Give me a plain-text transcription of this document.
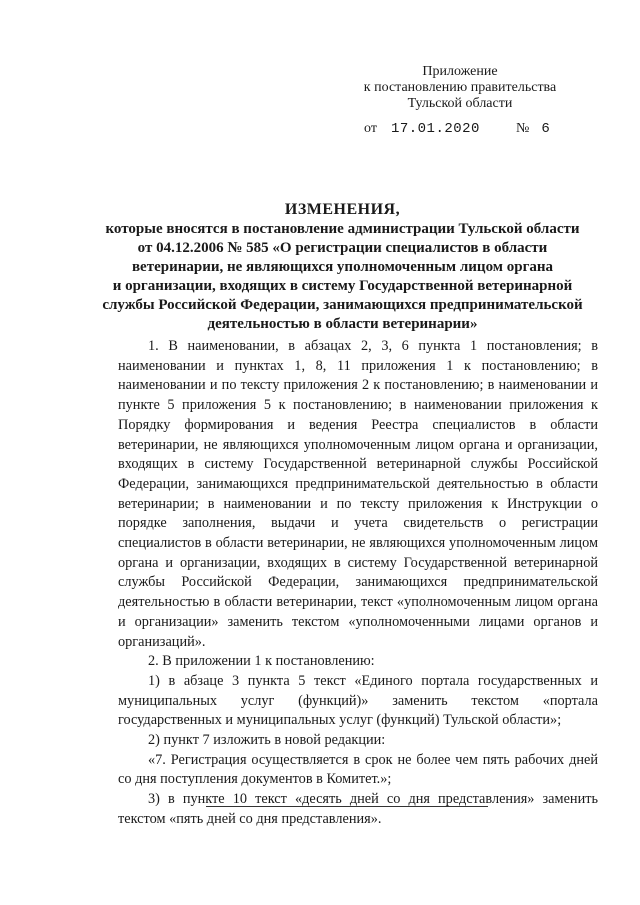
Приложение
к постановлению правительства
Тульской области
от 17.01.2020	№ 6
ИЗМЕНЕНИЯ,
которые вносятся в постановление администрации Тульской области
от 04.12.2006 № 585 «О регистрации специалистов в области
ветеринарии, не являющихся уполномоченным лицом органа
и организации, входящих в систему Государственной ветеринарной
службы Российской Федерации, занимающихся предпринимательской
деятельностью в области ветеринарии»

1. В наименовании, в абзацах 2, 3, 6 пункта 1 постановления; в наименовании и пунктах 1, 8, 11 приложения 1 к постановлению; в наименовании и по тексту приложения 2 к постановлению; в наименовании и пункте 5 приложения 5 к постановлению; в наименовании приложения к Порядку формирования и ведения Реестра специалистов в области ветеринарии, не являющихся уполномоченным лицом органа и организации, входящих в систему Государственной ветеринарной службы Российской Федерации, занимающихся предпринимательской деятельностью в области ветеринарии; в наименовании и по тексту приложения к Инструкции о порядке заполнения, выдачи и учета свидетельств о регистрации специалистов в области ветеринарии, не являющихся уполномоченным лицом органа и организации, входящих в систему Государственной ветеринарной службы Российской Федерации, занимающихся предпринимательской деятельностью в области ветеринарии, текст «уполномоченным лицом органа и организации» заменить текстом «уполномоченными лицами органов и организаций».

2. В приложении 1 к постановлению:

1) в абзаце 3 пункта 5 текст «Единого портала государственных и муниципальных услуг (функций)» заменить текстом «портала государственных и муниципальных услуг (функций) Тульской области»;

2) пункт 7 изложить в новой редакции:

«7. Регистрация осуществляется в срок не более чем пять рабочих дней со дня поступления документов в Комитет.»;

3) в пункте 10 текст «десять дней со дня представления» заменить текстом «пять дней со дня представления».
